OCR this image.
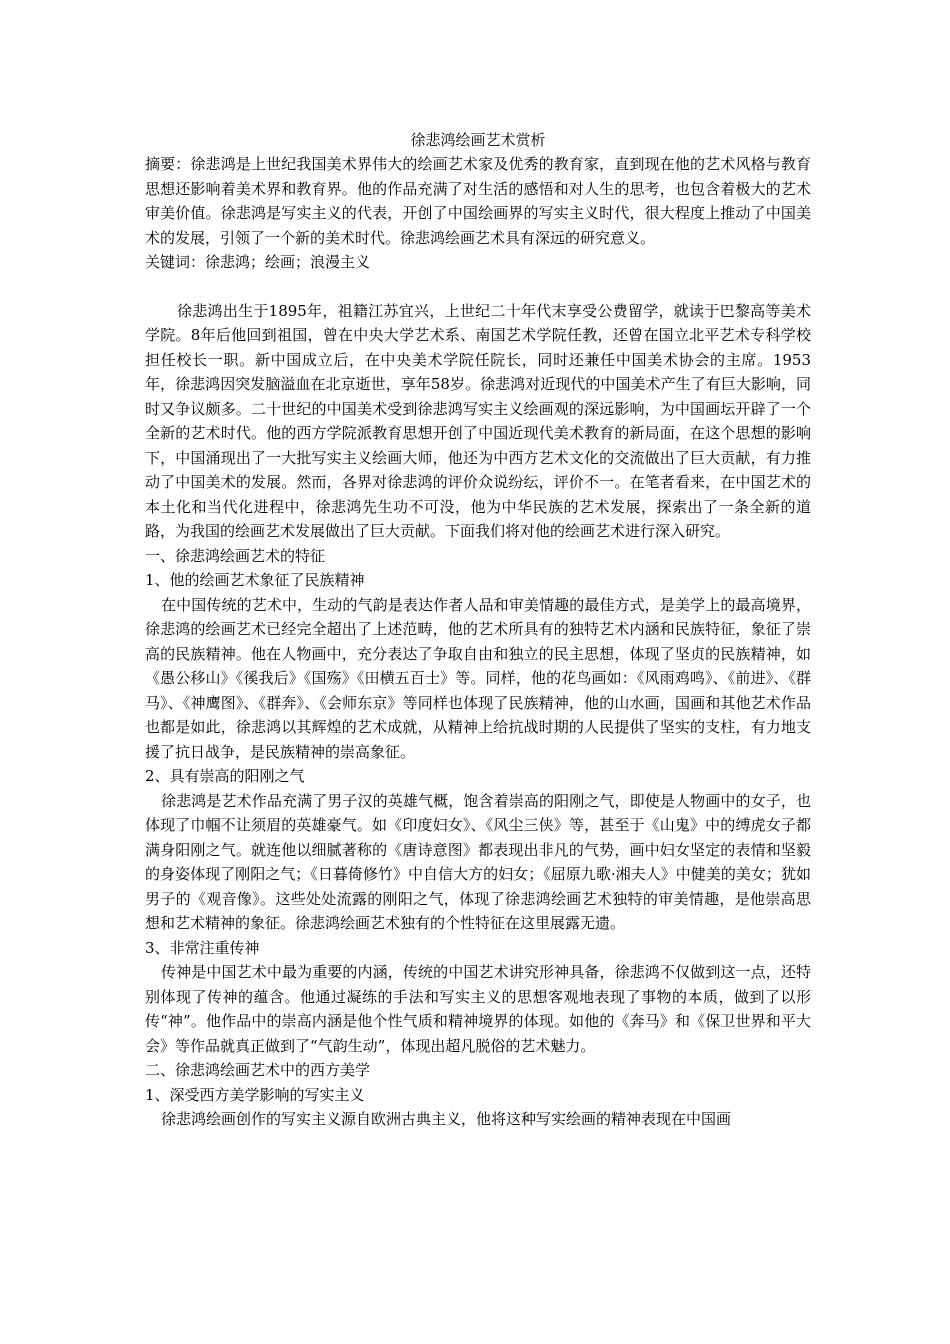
徐悲鸿绘画艺术赏析

摘要：徐悲鸿是上世纪我国美术界伟大的绘画艺术家及优秀的教育家，直到现在他的艺术风格与教育思想还影响着美术界和教育界。他的作品充满了对生活的感悟和对人生的思考，也包含着极大的艺术审美价值。徐悲鸿是写实主义的代表，开创了中国绘画界的写实主义时代，很大程度上推动了中国美术的发展，引领了一个新的美术时代。徐悲鸿绘画艺术具有深远的研究意义。

关键词：徐悲鸿；绘画；浪漫主义

徐悲鸿出生于1895年，祖籍江苏宜兴，上世纪二十年代末享受公费留学，就读于巴黎高等美术学院。8年后他回到祖国，曾在中央大学艺术系、南国艺术学院任教，还曾在国立北平艺术专科学校担任校长一职。新中国成立后，在中央美术学院任院长，同时还兼任中国美术协会的主席。1953年，徐悲鸿因突发脑溢血在北京逝世，享年58岁。徐悲鸿对近现代的中国美术产生了有巨大影响，同时又争议颇多。二十世纪的中国美术受到徐悲鸿写实主义绘画观的深远影响，为中国画坛开辟了一个全新的艺术时代。他的西方学院派教育思想开创了中国近现代美术教育的新局面，在这个思想的影响下，中国涌现出了一大批写实主义绘画大师，他还为中西方艺术文化的交流做出了巨大贡献，有力推动了中国美术的发展。然而，各界对徐悲鸿的评价众说纷纭，评价不一。在笔者看来，在中国艺术的本土化和当代化进程中，徐悲鸿先生功不可没，他为中华民族的艺术发展，探索出了一条全新的道路，为我国的绘画艺术发展做出了巨大贡献。下面我们将对他的绘画艺术进行深入研究。

一、徐悲鸿绘画艺术的特征

1、他的绘画艺术象征了民族精神

在中国传统的艺术中，生动的气韵是表达作者人品和审美情趣的最佳方式，是美学上的最高境界，徐悲鸿的绘画艺术已经完全超出了上述范畴，他的艺术所具有的独特艺术内涵和民族特征，象征了崇高的民族精神。他在人物画中，充分表达了争取自由和独立的民主思想，体现了坚贞的民族精神，如《愚公移山》《徯我后》《国殇》《田横五百士》等。同样，他的花鸟画如：《风雨鸡鸣》、《前进》、《群马》、《神鹰图》、《群奔》、《会师东京》等同样也体现了民族精神，他的山水画，国画和其他艺术作品也都是如此，徐悲鸿以其辉煌的艺术成就，从精神上给抗战时期的人民提供了坚实的支柱，有力地支援了抗日战争，是民族精神的崇高象征。

2、具有崇高的阳刚之气

徐悲鸿是艺术作品充满了男子汉的英雄气概，饱含着崇高的阳刚之气，即使是人物画中的女子，也体现了巾帼不让须眉的英雄豪气。如《印度妇女》、《风尘三侠》等，甚至于《山鬼》中的缚虎女子都满身阳刚之气。就连他以细腻著称的《唐诗意图》都表现出非凡的气势，画中妇女坚定的表情和坚毅的身姿体现了刚阳之气；《日暮倚修竹》中自信大方的妇女；《屈原九歌·湘夫人》中健美的美女；犹如男子的《观音像》。这些处处流露的刚阳之气，体现了徐悲鸿绘画艺术独特的审美情趣，是他崇高思想和艺术精神的象征。徐悲鸿绘画艺术独有的个性特征在这里展露无遗。

3、非常注重传神

传神是中国艺术中最为重要的内涵，传统的中国艺术讲究形神具备，徐悲鸿不仅做到这一点，还特别体现了传神的蕴含。他通过凝练的手法和写实主义的思想客观地表现了事物的本质，做到了以形传“神”。他作品中的崇高内涵是他个性气质和精神境界的体现。如他的《奔马》和《保卫世界和平大会》等作品就真正做到了“气韵生动”，体现出超凡脱俗的艺术魅力。

二、徐悲鸿绘画艺术中的西方美学

1、深受西方美学影响的写实主义

徐悲鸿绘画创作的写实主义源自欧洲古典主义，他将这种写实绘画的精神表现在中国画
